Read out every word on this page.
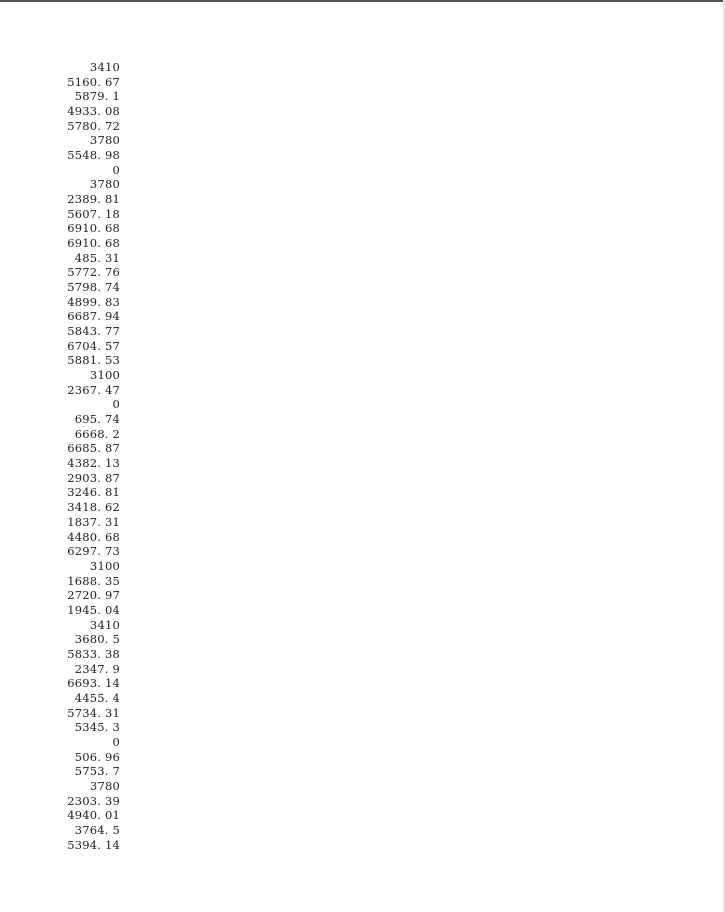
3410
5160. 67
5879. 1
4933. 08
5780. 72
3780
5548. 98
0
3780
2389. 81
5607. 18
6910. 68
6910. 68
485. 31
5772. 76
5798. 74
4899. 83
6687. 94
5843. 77
6704. 57
5881. 53
3100
2367. 47
0
695. 74
6668. 2
6685. 87
4382. 13
2903. 87
3246. 81
3418. 62
1837. 31
4480. 68
6297. 73
3100
1688. 35
2720. 97
1945. 04
3410
3680. 5
5833. 38
2347. 9
6693. 14
4455. 4
5734. 31
5345. 3
0
506. 96
5753. 7
3780
2303. 39
4940. 01
3764. 5
5394. 14
